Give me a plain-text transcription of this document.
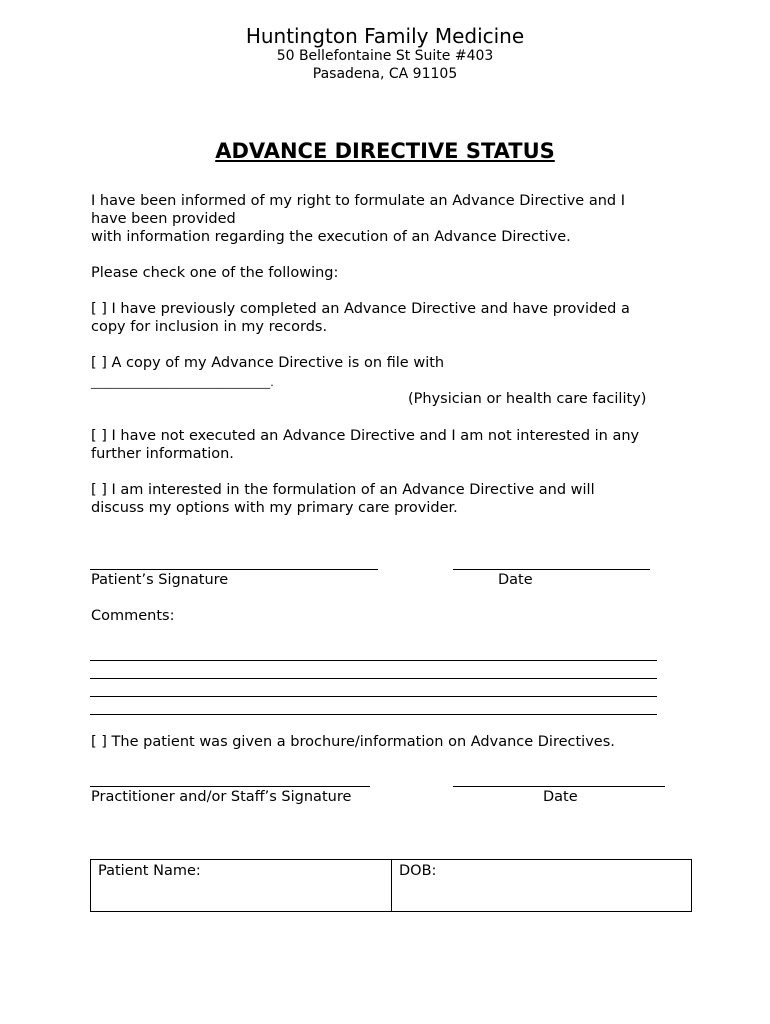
Huntington Family Medicine
50 Bellefontaine St Suite #403
Pasadena, CA 91105
ADVANCE DIRECTIVE STATUS
I have been informed of my right to formulate an Advance Directive and I
have been provided
with information regarding the execution of an Advance Directive.
Please check one of the following:
[ ] I have previously completed an Advance Directive and have provided a
copy for inclusion in my records.
[ ] A copy of my Advance Directive is on file with
________________________________.
(Physician or health care facility)
[ ] I have not executed an Advance Directive and I am not interested in any
further information.
[ ] I am interested in the formulation of an Advance Directive and will
discuss my options with my primary care provider.
Patient’s Signature	Date
Comments:
[ ] The patient was given a brochure/information on Advance Directives.
Practitioner and/or Staff’s Signature	Date
Patient Name:	DOB:
